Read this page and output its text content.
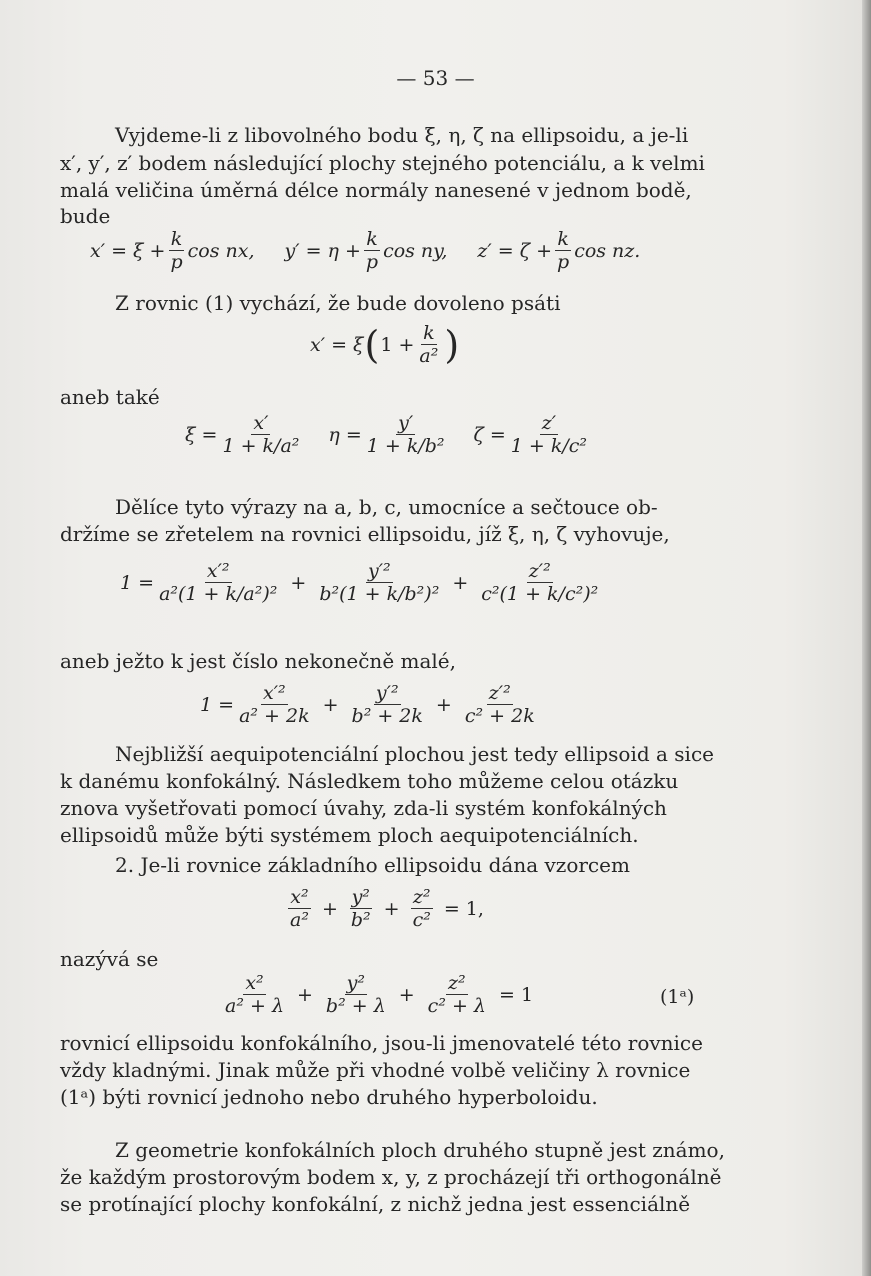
— 53 —
Vyjdeme-li z libovolného bodu ξ, η, ζ na ellipsoidu, a je-li
x′, y′, z′ bodem následující plochy stejného potenciálu, a k velmi
malá veličina úměrná délce normály nanesené v jednom bodě,
bude
$x' = \xi + \frac{k}{p}$ cos nx, $y' = \eta + \frac{k}{p}$ cos ny, $z' = \zeta + \frac{k}{p}$ cos nz.
Z rovnic (1) vychází, že bude dovoleno psáti
x′ = ξ ( $1 + \frac{k}{\text{a²}}$ )
aneb také
$\xi = \frac{x'}{\text{1 + k/a²}}$ $\eta = \frac{y'}{\text{1 + k/b²}}$ $\zeta = \frac{z'}{\text{1 + k/c²}}$
Dělíce tyto výrazy na a, b, c, umocníce a sečtouce ob-
držíme se zřetelem na rovnici ellipsoidu, jíž ξ, η, ζ vyhovuje,
$1 = \frac{\text{x′²}}{\text{a²(1 + k/a²)²}} + \frac{\text{y′²}}{\text{b²(1 + k/b²)²}} + \frac{\text{z′²}}{\text{c²(1 + k/c²)²}}$
aneb ježto k jest číslo nekonečně malé,
$1 = \frac{\text{x′²}}{\text{a² + 2k}} + \frac{\text{y′²}}{\text{b² + 2k}} + \frac{\text{z′²}}{\text{c² + 2k}}$
Nejbližší aequipotenciální plochou jest tedy ellipsoid a sice
k danému konfokálný. Následkem toho můžeme celou otázku
znova vyšetřovati pomocí úvahy, zda-li systém konfokálných
ellipsoidů může býti systémem ploch aequipotenciálních.
2. Je-li rovnice základního ellipsoidu dána vzorcem
$\frac{\text{x²}}{\text{a²}} + \frac{\text{y²}}{\text{b²}} + \frac{\text{z²}}{\text{c²}} = 1$,
nazývá se
$\frac{\text{x²}}{\text{a² + λ}} + \frac{\text{y²}}{\text{b² + λ}} + \frac{\text{z²}}{\text{c² + λ}} = 1$	(1ᵃ)
rovnicí ellipsoidu konfokálního, jsou-li jmenovatelé této rovnice
vždy kladnými. Jinak může při vhodné volbě veličiny λ rovnice
(1ᵃ) býti rovnicí jednoho nebo druhého hyperboloidu.
Z geometrie konfokálních ploch druhého stupně jest známo,
že každým prostorovým bodem x, y, z procházejí tři orthogonálně
se protínající plochy konfokální, z nichž jedna jest essenciálně
